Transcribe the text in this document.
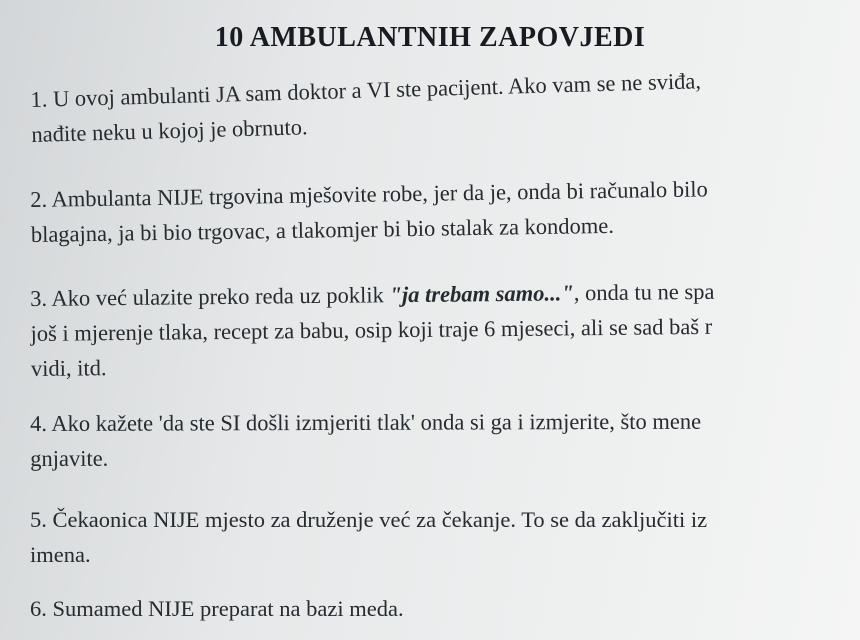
10 AMBULANTNIH ZAPOVJEDI
1. U ovoj ambulanti JA sam doktor a VI ste pacijent. Ako vam se ne sviđa,
nađite neku u kojoj je obrnuto.
2. Ambulanta NIJE trgovina mješovite robe, jer da je, onda bi računalo bilo
blagajna, ja bi bio trgovac, a tlakomjer bi bio stalak za kondome.
3. Ako već ulazite preko reda uz poklik "ja trebam samo...", onda tu ne spa
još i mjerenje tlaka, recept za babu, osip koji traje 6 mjeseci, ali se sad baš r
vidi, itd.
4. Ako kažete 'da ste SI došli izmjeriti tlak' onda si ga i izmjerite, što mene
gnjavite.
5. Čekaonica NIJE mjesto za druženje već za čekanje. To se da zaključiti iz
imena.
6. Sumamed NIJE preparat na bazi meda.
